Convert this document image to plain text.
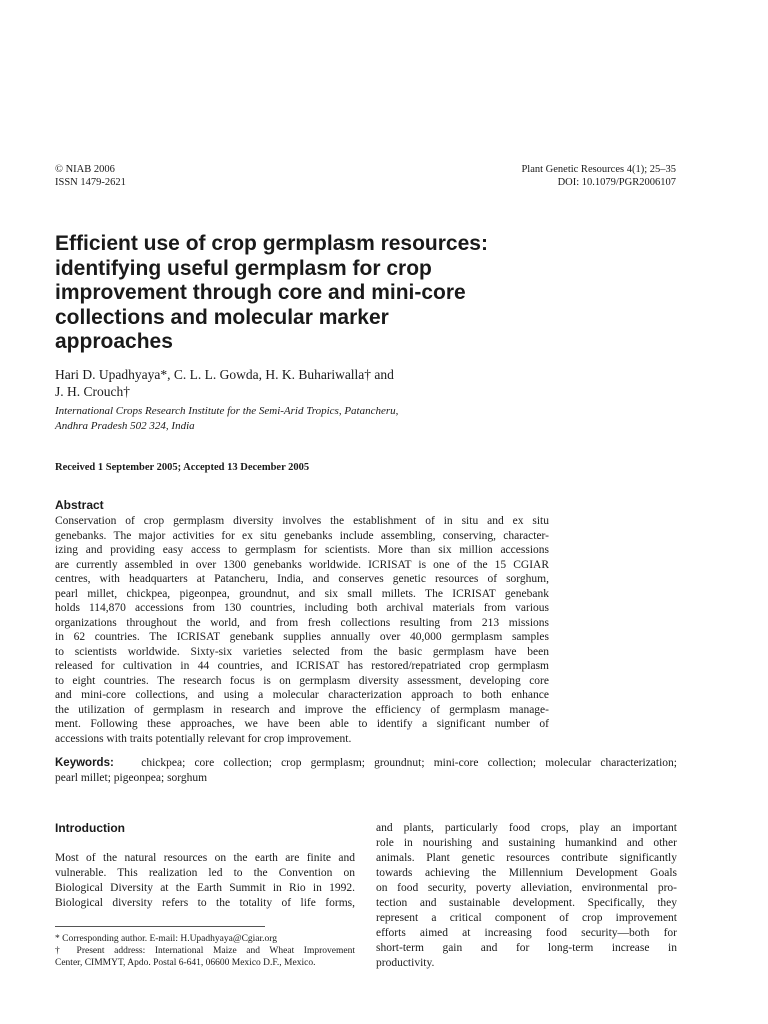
© NIAB 2006
ISSN 1479-2621
Plant Genetic Resources 4(1); 25–35
DOI: 10.1079/PGR2006107
Efficient use of crop germplasm resources:
identifying useful germplasm for crop
improvement through core and mini-core
collections and molecular marker
approaches
Hari D. Upadhyaya*, C. L. L. Gowda, H. K. Buhariwalla† and
J. H. Crouch†
International Crops Research Institute for the Semi-Arid Tropics, Patancheru,
Andhra Pradesh 502 324, India
Received 1 September 2005; Accepted 13 December 2005
Abstract
Conservation of crop germplasm diversity involves the establishment of in situ and ex situ
genebanks. The major activities for ex situ genebanks include assembling, conserving, character-
izing and providing easy access to germplasm for scientists. More than six million accessions
are currently assembled in over 1300 genebanks worldwide. ICRISAT is one of the 15 CGIAR
centres, with headquarters at Patancheru, India, and conserves genetic resources of sorghum,
pearl millet, chickpea, pigeonpea, groundnut, and six small millets. The ICRISAT genebank
holds 114,870 accessions from 130 countries, including both archival materials from various
organizations throughout the world, and from fresh collections resulting from 213 missions
in 62 countries. The ICRISAT genebank supplies annually over 40,000 germplasm samples
to scientists worldwide. Sixty-six varieties selected from the basic germplasm have been
released for cultivation in 44 countries, and ICRISAT has restored/repatriated crop germplasm
to eight countries. The research focus is on germplasm diversity assessment, developing core
and mini-core collections, and using a molecular characterization approach to both enhance
the utilization of germplasm in research and improve the efficiency of germplasm manage-
ment. Following these approaches, we have been able to identify a significant number of
accessions with traits potentially relevant for crop improvement.
Keywords: chickpea; core collection; crop germplasm; groundnut; mini-core collection; molecular characterization;
pearl millet; pigeonpea; sorghum
Introduction
Most of the natural resources on the earth are finite and
vulnerable. This realization led to the Convention on
Biological Diversity at the Earth Summit in Rio in 1992.
Biological diversity refers to the totality of life forms,
and plants, particularly food crops, play an important
role in nourishing and sustaining humankind and other
animals. Plant genetic resources contribute significantly
towards achieving the Millennium Development Goals
on food security, poverty alleviation, environmental pro-
tection and sustainable development. Specifically, they
represent a critical component of crop improvement
efforts aimed at increasing food security—both for
short-term gain and for long-term increase in
productivity.
* Corresponding author. E-mail: H.Upadhyaya@Cgiar.org
† Present address: International Maize and Wheat Improvement
Center, CIMMYT, Apdo. Postal 6-641, 06600 Mexico D.F., Mexico.
